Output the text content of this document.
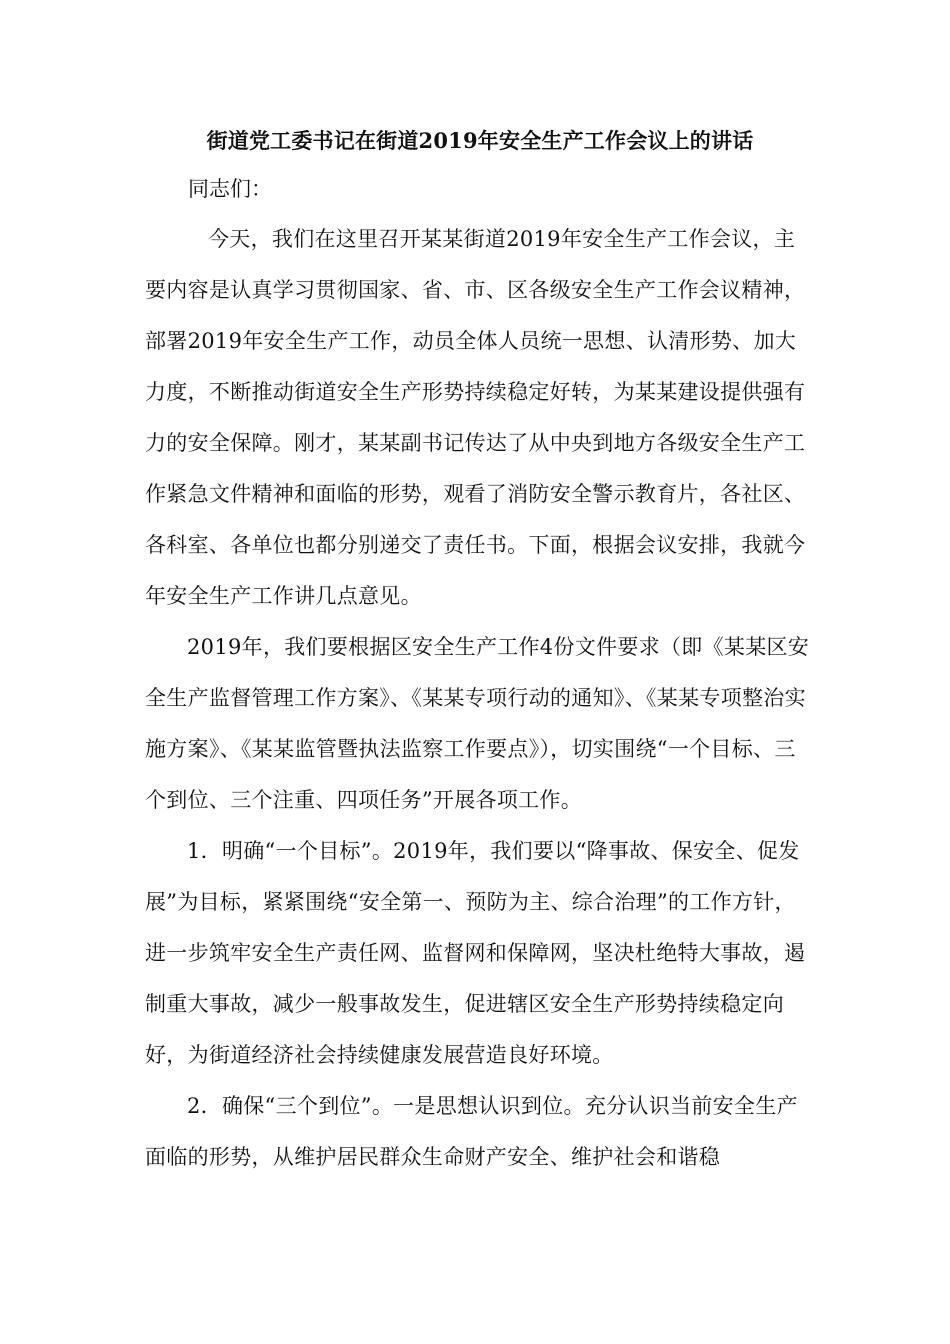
街道党工委书记在街道2019年安全生产工作会议上的讲话
同志们：

今天，我们在这里召开某某街道2019年安全生产工作会议，主要内容是认真学习贯彻国家、省、市、区各级安全生产工作会议精神，部署2019年安全生产工作，动员全体人员统一思想、认清形势、加大力度，不断推动街道安全生产形势持续稳定好转，为某某建设提供强有力的安全保障。刚才，某某副书记传达了从中央到地方各级安全生产工作紧急文件精神和面临的形势，观看了消防安全警示教育片，各社区、各科室、各单位也都分别递交了责任书。下面，根据会议安排，我就今年安全生产工作讲几点意见。

2019年，我们要根据区安全生产工作4份文件要求（即《某某区安全生产监督管理工作方案》、《某某专项行动的通知》、《某某专项整治实施方案》、《某某监管暨执法监察工作要点》），切实围绕“一个目标、三个到位、三个注重、四项任务”开展各项工作。

1．明确“一个目标”。2019年，我们要以“降事故、保安全、促发展”为目标，紧紧围绕“安全第一、预防为主、综合治理”的工作方针，进一步筑牢安全生产责任网、监督网和保障网，坚决杜绝特大事故，遏制重大事故，减少一般事故发生，促进辖区安全生产形势持续稳定向好，为街道经济社会持续健康发展营造良好环境。

2．确保“三个到位”。一是思想认识到位。充分认识当前安全生产面临的形势，从维护居民群众生命财产安全、维护社会和谐稳
